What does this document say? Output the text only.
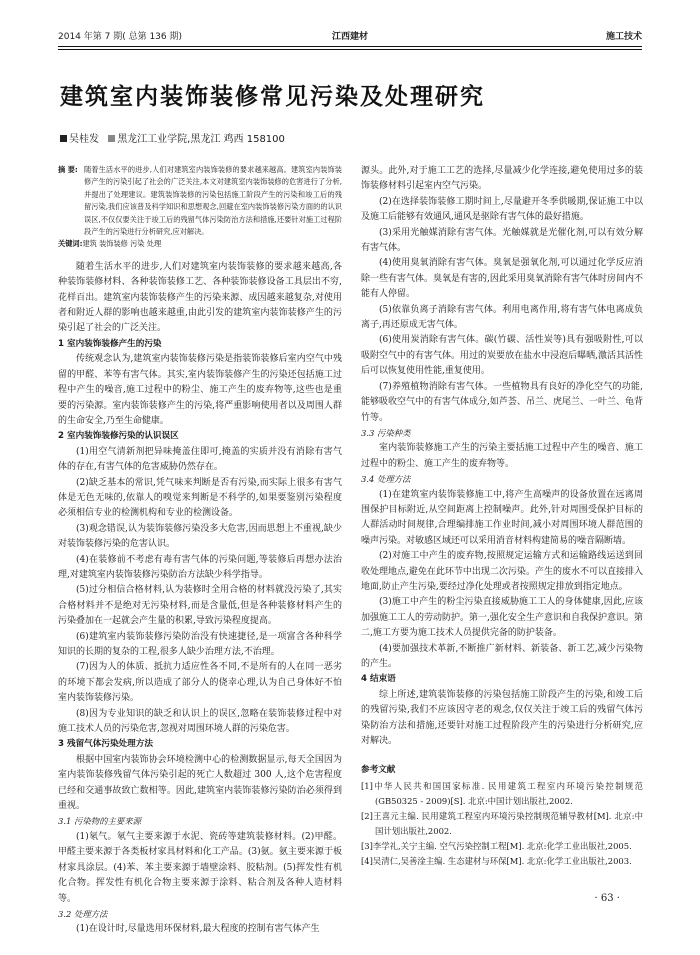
2014 年第 7 期( 总第 136 期)	江西建材	施工技术
建筑室内装饰装修常见污染及处理研究
吴桂发 黑龙江工业学院,黑龙江 鸡西 158100
摘 要: 随着生活水平的进步,人们对建筑室内装饰装修的要求越来越高。建筑室内装饰装修产生的污染引起了社会的广泛关注,本文对建筑室内装饰装修的危害进行了分析,并提出了处理建议。建筑装饰装修的污染包括施工阶段产生的污染和竣工后的残留污染,我们应该普及科学知识和思想观念,回避在室内装饰装修污染方面的的认识误区,不仅仅要关注于竣工后的残留气体污染防治方法和措施,还要针对施工过程阶段产生的污染进行分析研究,应对解决。
关键词:建筑 装饰装修 污染 处理

随着生活水平的进步,人们对建筑室内装饰装修的要求越来越高,各种装饰装修材料、各种装饰装修工艺、各种装饰装修设备工具层出不穷,花样百出。建筑室内装饰装修产生的污染来源、成因越来越复杂,对使用者和附近人群的影响也越来越重,由此引发的建筑室内装饰装修产生的污染引起了社会的广泛关注。

1 室内装饰装修产生的污染

传统观念认为,建筑室内装饰装修污染是指装饰装修后室内空气中残留的甲醛、苯等有害气体。其实,室内装饰装修产生的污染还包括施工过程中产生的噪音,施工过程中的粉尘、施工产生的废弃物等,这些也是重要的污染源。室内装饰装修产生的污染,将严重影响使用者以及周围人群的生命安全,乃至生命健康。

2 室内装饰装修污染的认识误区

(1)用空气清新剂把异味掩盖住即可,掩盖的实质并没有消除有害气体的存在,有害气体的危害威胁仍然存在。

(2)缺乏基本的常识,凭气味来判断是否有污染,而实际上很多有害气体是无色无味的,依靠人的嗅觉来判断是不科学的,如果要鉴别污染程度必须相信专业的检测机构和专业的检测设备。

(3)观念错误,认为装饰装修污染没多大危害,因而思想上不重视,缺少对装饰装修污染的危害认识。

(4)在装修前不考虑有毒有害气体的污染问题,等装修后再想办法治理,对建筑室内装饰装修污染防治方法缺少科学指导。

(5)过分相信合格材料,认为装修时全用合格的材料就没污染了,其实合格材料并不是绝对无污染材料,而是含量低,但是各种装修材料产生的污染叠加在一起就会产生量的积累,导致污染程度提高。

(6)建筑室内装饰装修污染防治没有快速捷径,是一项富含各种科学知识的长期的复杂的工程,很多人缺少治理方法,不治理。

(7)因为人的体质、抵抗力适应性各不同,不是所有的人在同一恶劣的环境下都会发病,所以造成了部分人的侥幸心理,认为自己身体好不怕室内装饰装修污染。

(8)因为专业知识的缺乏和认识上的误区,忽略在装饰装修过程中对施工技术人员的污染危害,忽视对周围环境人群的污染危害。

3 残留气体污染处理方法

根据中国室内装饰协会环境检测中心的检测数据显示,每天全国因为室内装饰装修残留气体污染引起的死亡人数超过 300 人,这个危害程度已经和交通事故致亡数相等。因此,建筑室内装饰装修污染防治必须得到重视。

3.1 污染物的主要来源

(1)氡气。氡气主要来源于水泥、瓷砖等建筑装修材料。(2)甲醛。甲醛主要来源于各类板材家具材料和化工产品。(3)氨。氨主要来源于板材家具涂层。(4)苯、苯主要来源于墙壁涂料、胶粘剂。(5)挥发性有机化合物。挥发性有机化合物主要来源于涂料、粘合剂及各种人造材料等。

3.2 处理方法

(1)在设计时,尽量选用环保材料,最大程度的控制有害气体产生

源头。此外,对于施工工艺的选择,尽量减少化学连接,避免使用过多的装饰装修材料引起室内空气污染。

(2)在选择装饰装修工期时间上,尽量避开冬季供暖期,保证施工中以及施工后能够有效通风,通风是驱除有害气体的最好措施。

(3)采用光触媒消除有害气体。光触媒就是光催化剂,可以有效分解有害气体。

(4)使用臭氧消除有害气体。臭氧是强氧化剂,可以通过化学反应消除一些有害气体。臭氧是有害的,因此采用臭氧消除有害气体时房间内不能有人停留。

(5)依靠负离子消除有害气体。利用电离作用,将有害气体电离成负离子,再还原成无害气体。

(6)使用炭消除有害气体。碳(竹碳、活性炭等)具有强吸附性,可以吸附空气中的有害气体。用过的炭要放在盐水中浸泡后曝晒,激活其活性后可以恢复使用性能,重复使用。

(7)养殖植物消除有害气体。一些植物具有良好的净化空气的功能,能够吸收空气中的有害气体成分,如芦荟、吊兰、虎尾兰、一叶兰、龟背竹等。

3.3 污染种类

室内装饰装修施工产生的污染主要括施工过程中产生的噪音、施工过程中的粉尘、施工产生的废弃物等。

3.4 处理方法

(1)在建筑室内装饰装修施工中,将产生高噪声的设备放置在远离周围保护目标附近,从空间距离上控制噪声。此外,针对周围受保护目标的人群活动时间规律,合理编排施工作业时间,减小对周围环境人群范围的噪声污染。对敏感区域还可以采用消音材料构建简易的噪音隔断墙。

(2)对施工中产生的废弃物,按照规定运输方式和运输路线运送到回收处理地点,避免在此环节中出现二次污染。产生的废水不可以直接排入地面,防止产生污染,要经过净化处理或者按照规定排放到指定地点。

(3)施工中产生的粉尘污染直接威胁施工工人的身体健康,因此,应该加强施工工人的劳动防护。第一,强化安全生产意识和自我保护意识。第二,施工方要为施工技术人员提供完备的防护装备。

(4)要加强技术革新,不断推广新材料、新装备、新工艺,减少污染物的产生。

4 结束语

综上所述,建筑装饰装修的污染包括施工阶段产生的污染,和竣工后的残留污染,我们不应该因守老的观念,仅仅关注于竣工后的残留气体污染防治方法和措施,还要针对施工过程阶段产生的污染进行分析研究,应对解决。

参考文献
[1]中华人民共和国国家标准. 民用建筑工程室内环境污染控制规范(GB50325 - 2009)[S]. 北京:中国计划出版社,2002.
[2]王喜元主编. 民用建筑工程室内环境污染控制规范辅导教材[M]. 北京:中国计划出版社,2002.
[3]李学礼,关宁主编. 空气污染控制工程[M]. 北京:化学工业出版社,2005.
[4]吴清仁,吴善淦主编. 生态建材与环保[M]. 北京:化学工业出版社,2003.
· 63 ·
